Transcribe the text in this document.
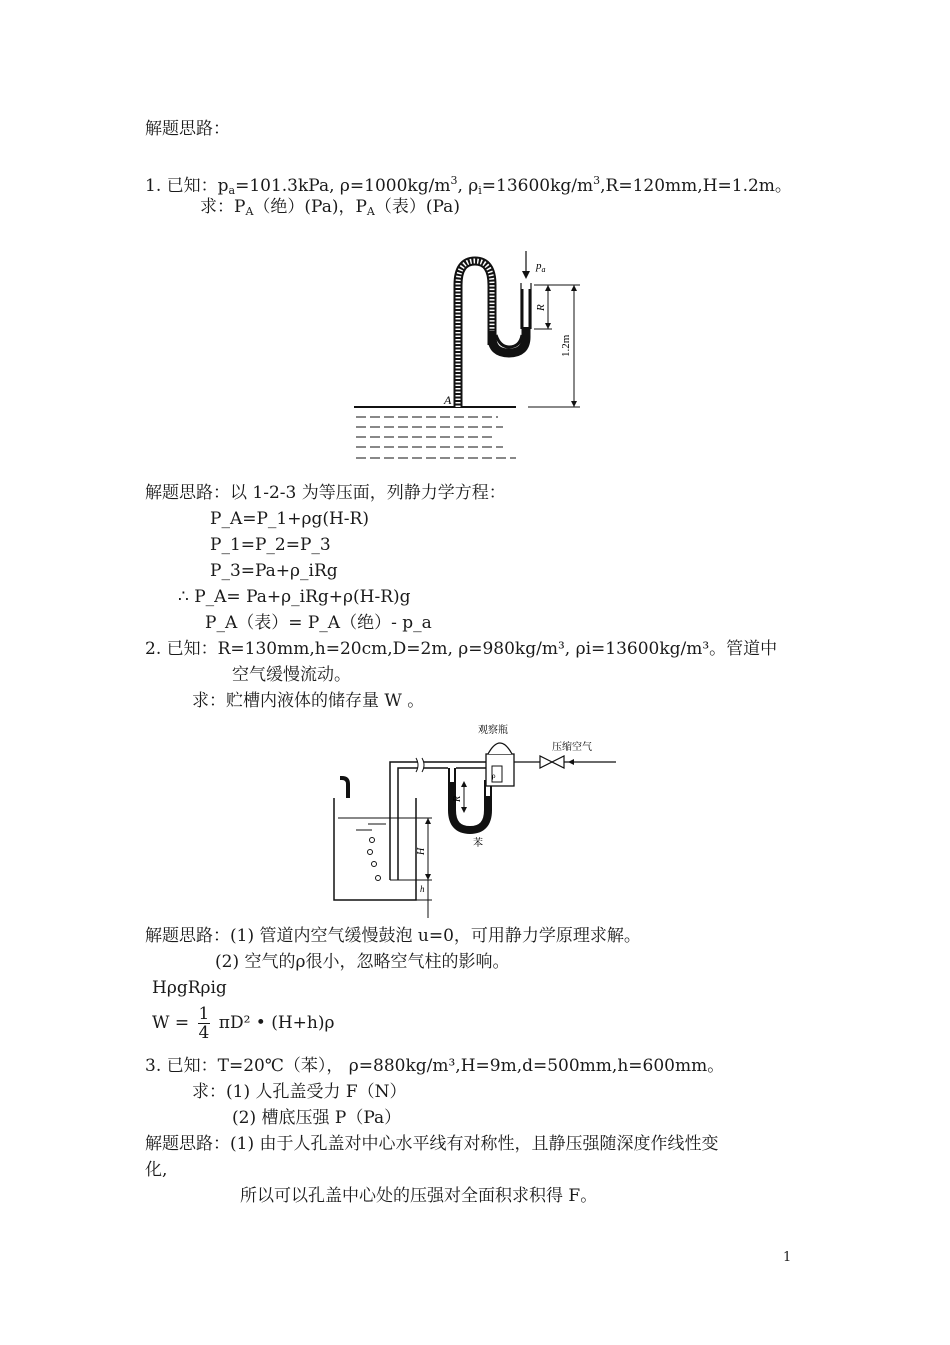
解题思路：
1. 已知：$p_a=101.3kPa$, $\rho=1000kg/m^3$, $\rho_i=13600kg/m^3,R=120mm,H=1.2m$。
求：$P_A$（绝）(Pa)，$P_A$（表）(Pa)
$p_a$
R
1.2m
A
解题思路：以 1-2-3 为等压面，列静力学方程：
P_A=P_1+ρg(H-R)
P_1=P_2=P_3
P_3=Pa+ρ_iRg
∴ P_A= Pa+ρ_iRg+ρ(H-R)g
P_A（表）= P_A（绝）- p_a
2. 已知：R=130mm,h=20cm,D=2m, ρ=980kg/m³, ρi=13600kg/m³。管道中
空气缓慢流动。
求：贮槽内液体的储存量 W 。
ρ
观察瓶
压缩空气
苯
R
H
h
解题思路：(1) 管道内空气缓慢鼓泡 u=0，可用静力学原理求解。
(2) 空气的ρ很小，忽略空气柱的影响。
HρgRρig
$W = \frac{1}{4} \pi D^2$ • (H+h)ρ
3. 已知：T=20℃（苯）， ρ=880kg/m³,H=9m,d=500mm,h=600mm。
求：(1) 人孔盖受力 F（N）
(2) 槽底压强 P（Pa）
解题思路：(1) 由于人孔盖对中心水平线有对称性，且静压强随深度作线性变
化,
所以可以孔盖中心处的压强对全面积求积得 F。
1
